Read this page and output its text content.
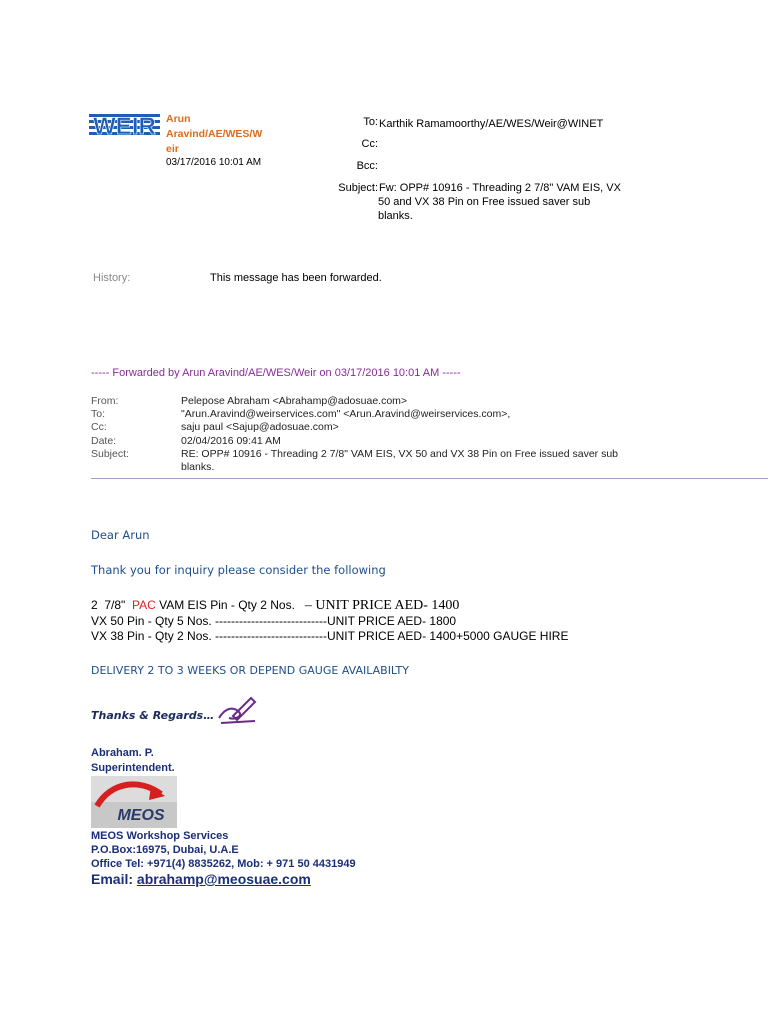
WEIR Arun
Aravind/AE/WES/W
eir
03/17/2016 10:01 AM
To: Karthik Ramamoorthy/AE/WES/Weir@WINET
Cc:
Bcc:
Subject: Fw: OPP# 10916 - Threading 2 7/8" VAM EIS, VX
50 and VX 38 Pin on Free issued saver sub
blanks.
History:	This message has been forwarded.
----- Forwarded by Arun Aravind/AE/WES/Weir on 03/17/2016 10:01 AM -----
From:	Pelepose Abraham <Abrahamp@adosuae.com>
To:	"Arun.Aravind@weirservices.com" <Arun.Aravind@weirservices.com>,
Cc:	saju paul <Sajup@adosuae.com>
Date:	02/04/2016 09:41 AM
Subject:	RE: OPP# 10916 - Threading 2 7/8" VAM EIS, VX 50 and VX 38 Pin on Free issued saver sub
blanks.
Dear Arun
Thank you for inquiry please consider the following
2  7/8"  PAC VAM EIS Pin - Qty 2 Nos.   – UNIT PRICE AED- 1400
VX 50 Pin - Qty 5 Nos. ----------------------------UNIT PRICE AED- 1800
VX 38 Pin - Qty 2 Nos. ----------------------------UNIT PRICE AED- 1400+5000 GAUGE HIRE
DELIVERY 2 TO 3 WEEKS OR DEPEND GAUGE AVAILABILTY
Thanks & Regards…
Abraham. P.
Superintendent.
MEOS
MEOS Workshop Services
P.O.Box:16975, Dubai, U.A.E
Office Tel: +971(4) 8835262, Mob: + 971 50 4431949
Email: abrahamp@meosuae.com
